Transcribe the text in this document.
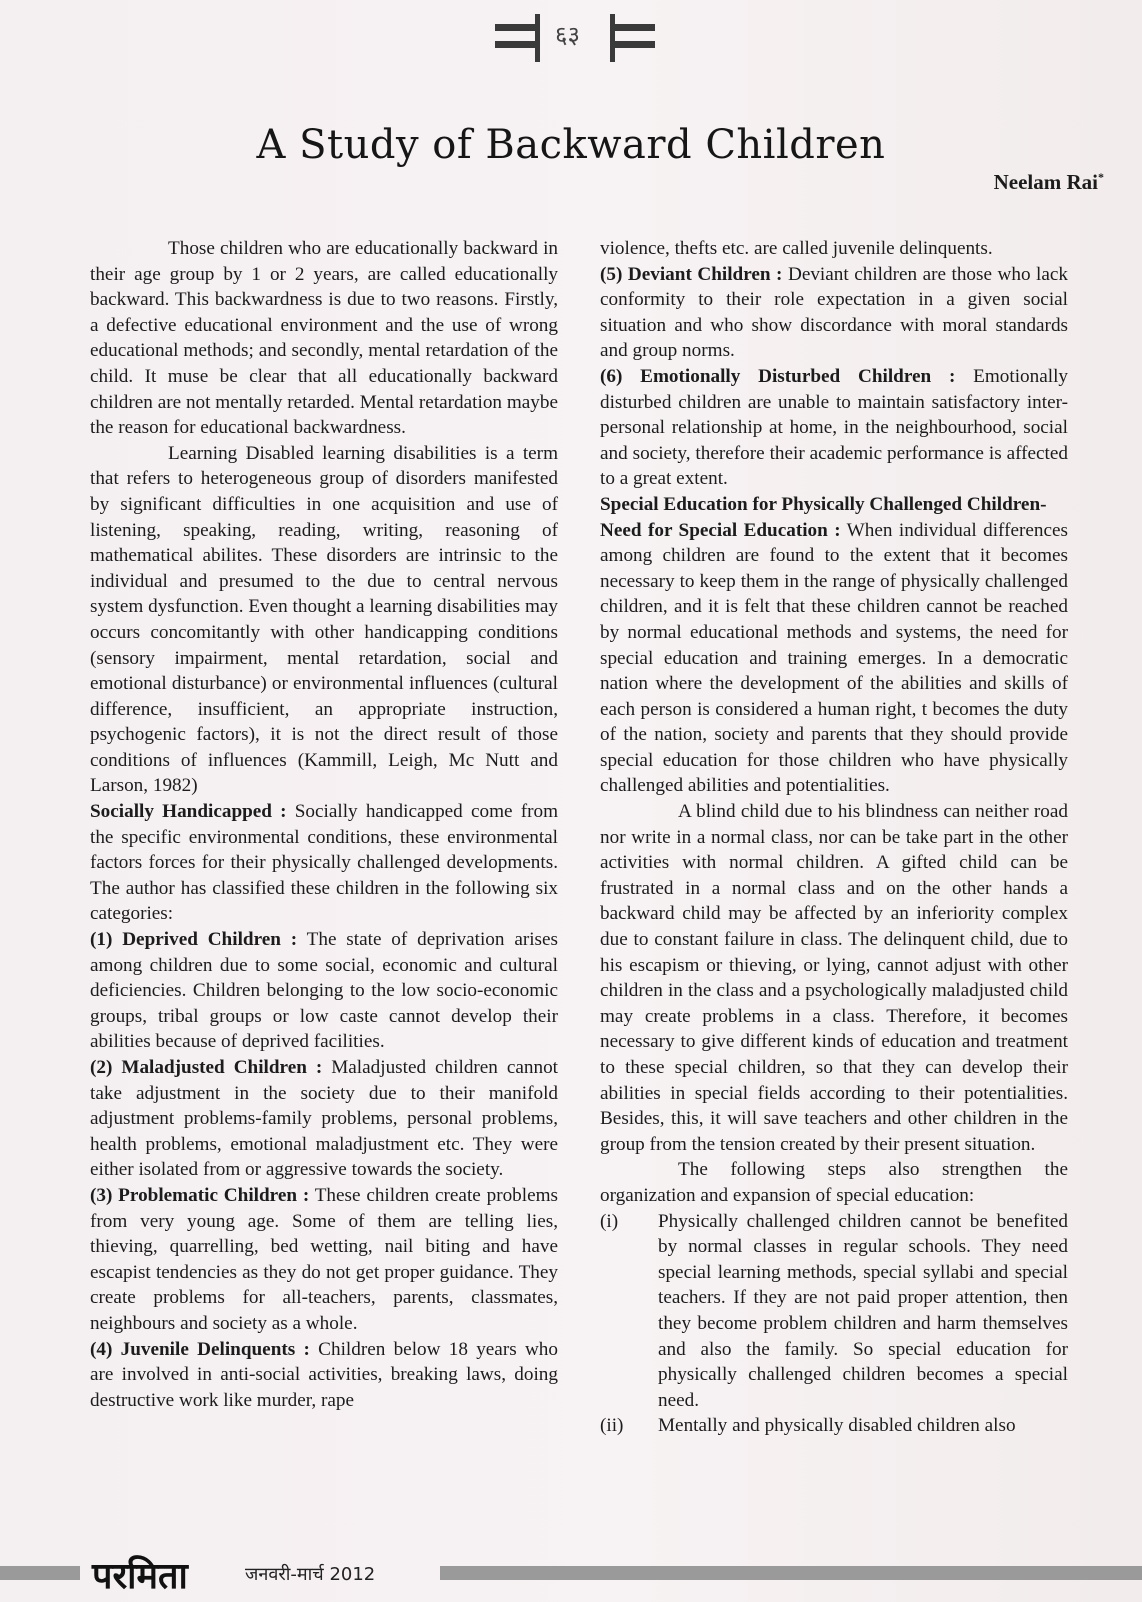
६३
A Study of Backward Children
Neelam Rai*

Those children who are educationally backward in their age group by 1 or 2 years, are called educationally backward. This backwardness is due to two reasons. Firstly, a defective educational environment and the use of wrong educational methods; and secondly, mental retardation of the child. It muse be clear that all educationally backward children are not mentally retarded. Mental retardation maybe the reason for educational backwardness.

Learning Disabled learning disabilities is a term that refers to heterogeneous group of disorders manifested by significant difficulties in one acquisition and use of listening, speaking, reading, writing, reasoning of mathematical abilites. These disorders are intrinsic to the individual and presumed to the due to central nervous system dysfunction. Even thought a learning disabilities may occurs concomitantly with other handicapping conditions (sensory impairment, mental retardation, social and emotional disturbance) or environmental influences (cultural difference, insufficient, an appropriate instruction, psychogenic factors), it is not the direct result of those conditions of influences (Kammill, Leigh, Mc Nutt and Larson, 1982)

Socially Handicapped : Socially handicapped come from the specific environmental conditions, these environmental factors forces for their physically challenged developments. The author has classified these children in the following six categories:

(1) Deprived Children : The state of deprivation arises among children due to some social, economic and cultural deficiencies. Children belonging to the low socio-economic groups, tribal groups or low caste cannot develop their abilities because of deprived facilities.

(2) Maladjusted Children : Maladjusted children cannot take adjustment in the society due to their manifold adjustment problems-family problems, personal problems, health problems, emotional maladjustment etc. They were either isolated from or aggressive towards the society.

(3) Problematic Children : These children create problems from very young age. Some of them are telling lies, thieving, quarrelling, bed wetting, nail biting and have escapist tendencies as they do not get proper guidance. They create problems for all-teachers, parents, classmates, neighbours and society as a whole.

(4) Juvenile Delinquents : Children below 18 years who are involved in anti-social activities, breaking laws, doing destructive work like murder, rape

violence, thefts etc. are called juvenile delinquents.

(5) Deviant Children : Deviant children are those who lack conformity to their role expectation in a given social situation and who show discordance with moral standards and group norms.

(6) Emotionally Disturbed Children : Emotionally disturbed children are unable to maintain satisfactory inter-personal relationship at home, in the neighbourhood, social and society, therefore their academic performance is affected to a great extent.

Special Education for Physically Challenged Children-

Need for Special Education : When individual differences among children are found to the extent that it becomes necessary to keep them in the range of physically challenged children, and it is felt that these children cannot be reached by normal educational methods and systems, the need for special education and training emerges. In a democratic nation where the development of the abilities and skills of each person is considered a human right, t becomes the duty of the nation, society and parents that they should provide special education for those children who have physically challenged abilities and potentialities.

A blind child due to his blindness can neither road nor write in a normal class, nor can be take part in the other activities with normal children. A gifted child can be frustrated in a normal class and on the other hands a backward child may be affected by an inferiority complex due to constant failure in class. The delinquent child, due to his escapism or thieving, or lying, cannot adjust with other children in the class and a psychologically maladjusted child may create problems in a class. Therefore, it becomes necessary to give different kinds of education and treatment to these special children, so that they can develop their abilities in special fields according to their potentialities. Besides, this, it will save teachers and other children in the group from the tension created by their present situation.

The following steps also strengthen the organization and expansion of special education:

(i)	Physically challenged children cannot be benefited by normal classes in regular schools. They need special learning methods, special syllabi and special teachers. If they are not paid proper attention, then they become problem children and harm themselves and also the family. So special education for physically challenged children becomes a special need.
(ii)	Mentally and physically disabled children also
परमिता	जनवरी-मार्च 2012
